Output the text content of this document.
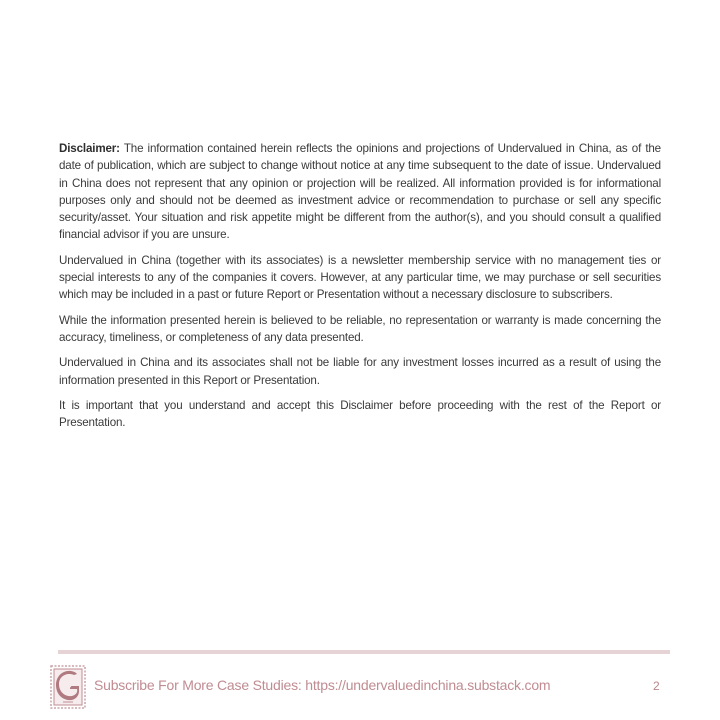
Disclaimer: The information contained herein reflects the opinions and projections of Undervalued in China, as of the date of publication, which are subject to change without notice at any time subsequent to the date of issue. Undervalued in China does not represent that any opinion or projection will be realized. All information provided is for informational purposes only and should not be deemed as investment advice or recommendation to purchase or sell any specific security/asset. Your situation and risk appetite might be different from the author(s), and you should consult a qualified financial advisor if you are unsure.

Undervalued in China (together with its associates) is a newsletter membership service with no management ties or special interests to any of the companies it covers. However, at any particular time, we may purchase or sell securities which may be included in a past or future Report or Presentation without a necessary disclosure to subscribers.

While the information presented herein is believed to be reliable, no representation or warranty is made concerning the accuracy, timeliness, or completeness of any data presented.

Undervalued in China and its associates shall not be liable for any investment losses incurred as a result of using the information presented in this Report or Presentation.

It is important that you understand and accept this Disclaimer before proceeding with the rest of the Report or Presentation.

Subscribe For More Case Studies: https://undervaluedinchina.substack.com	2
